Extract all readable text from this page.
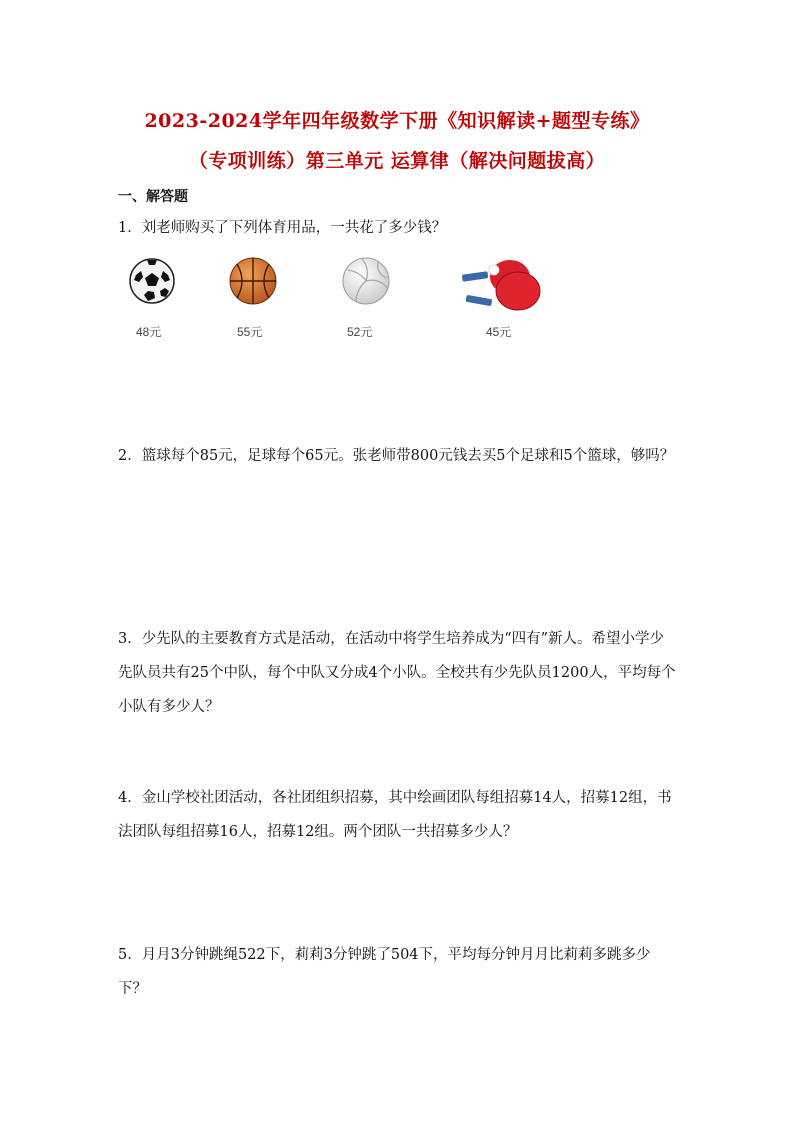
2023-2024学年四年级数学下册《知识解读+题型专练》
（专项训练）第三单元 运算律（解决问题拔高）
一、解答题
1．刘老师购买了下列体育用品，一共花了多少钱？
48元	55元	52元	45元
2．篮球每个85元，足球每个65元。张老师带800元钱去买5个足球和5个篮球，够吗？
3．少先队的主要教育方式是活动，在活动中将学生培养成为“四有”新人。希望小学少先队员共有25个中队，每个中队又分成4个小队。全校共有少先队员1200人，平均每个小队有多少人？
4．金山学校社团活动，各社团组织招募，其中绘画团队每组招募14人，招募12组，书法团队每组招募16人，招募12组。两个团队一共招募多少人？
5．月月3分钟跳绳522下，莉莉3分钟跳了504下，平均每分钟月月比莉莉多跳多少下？
